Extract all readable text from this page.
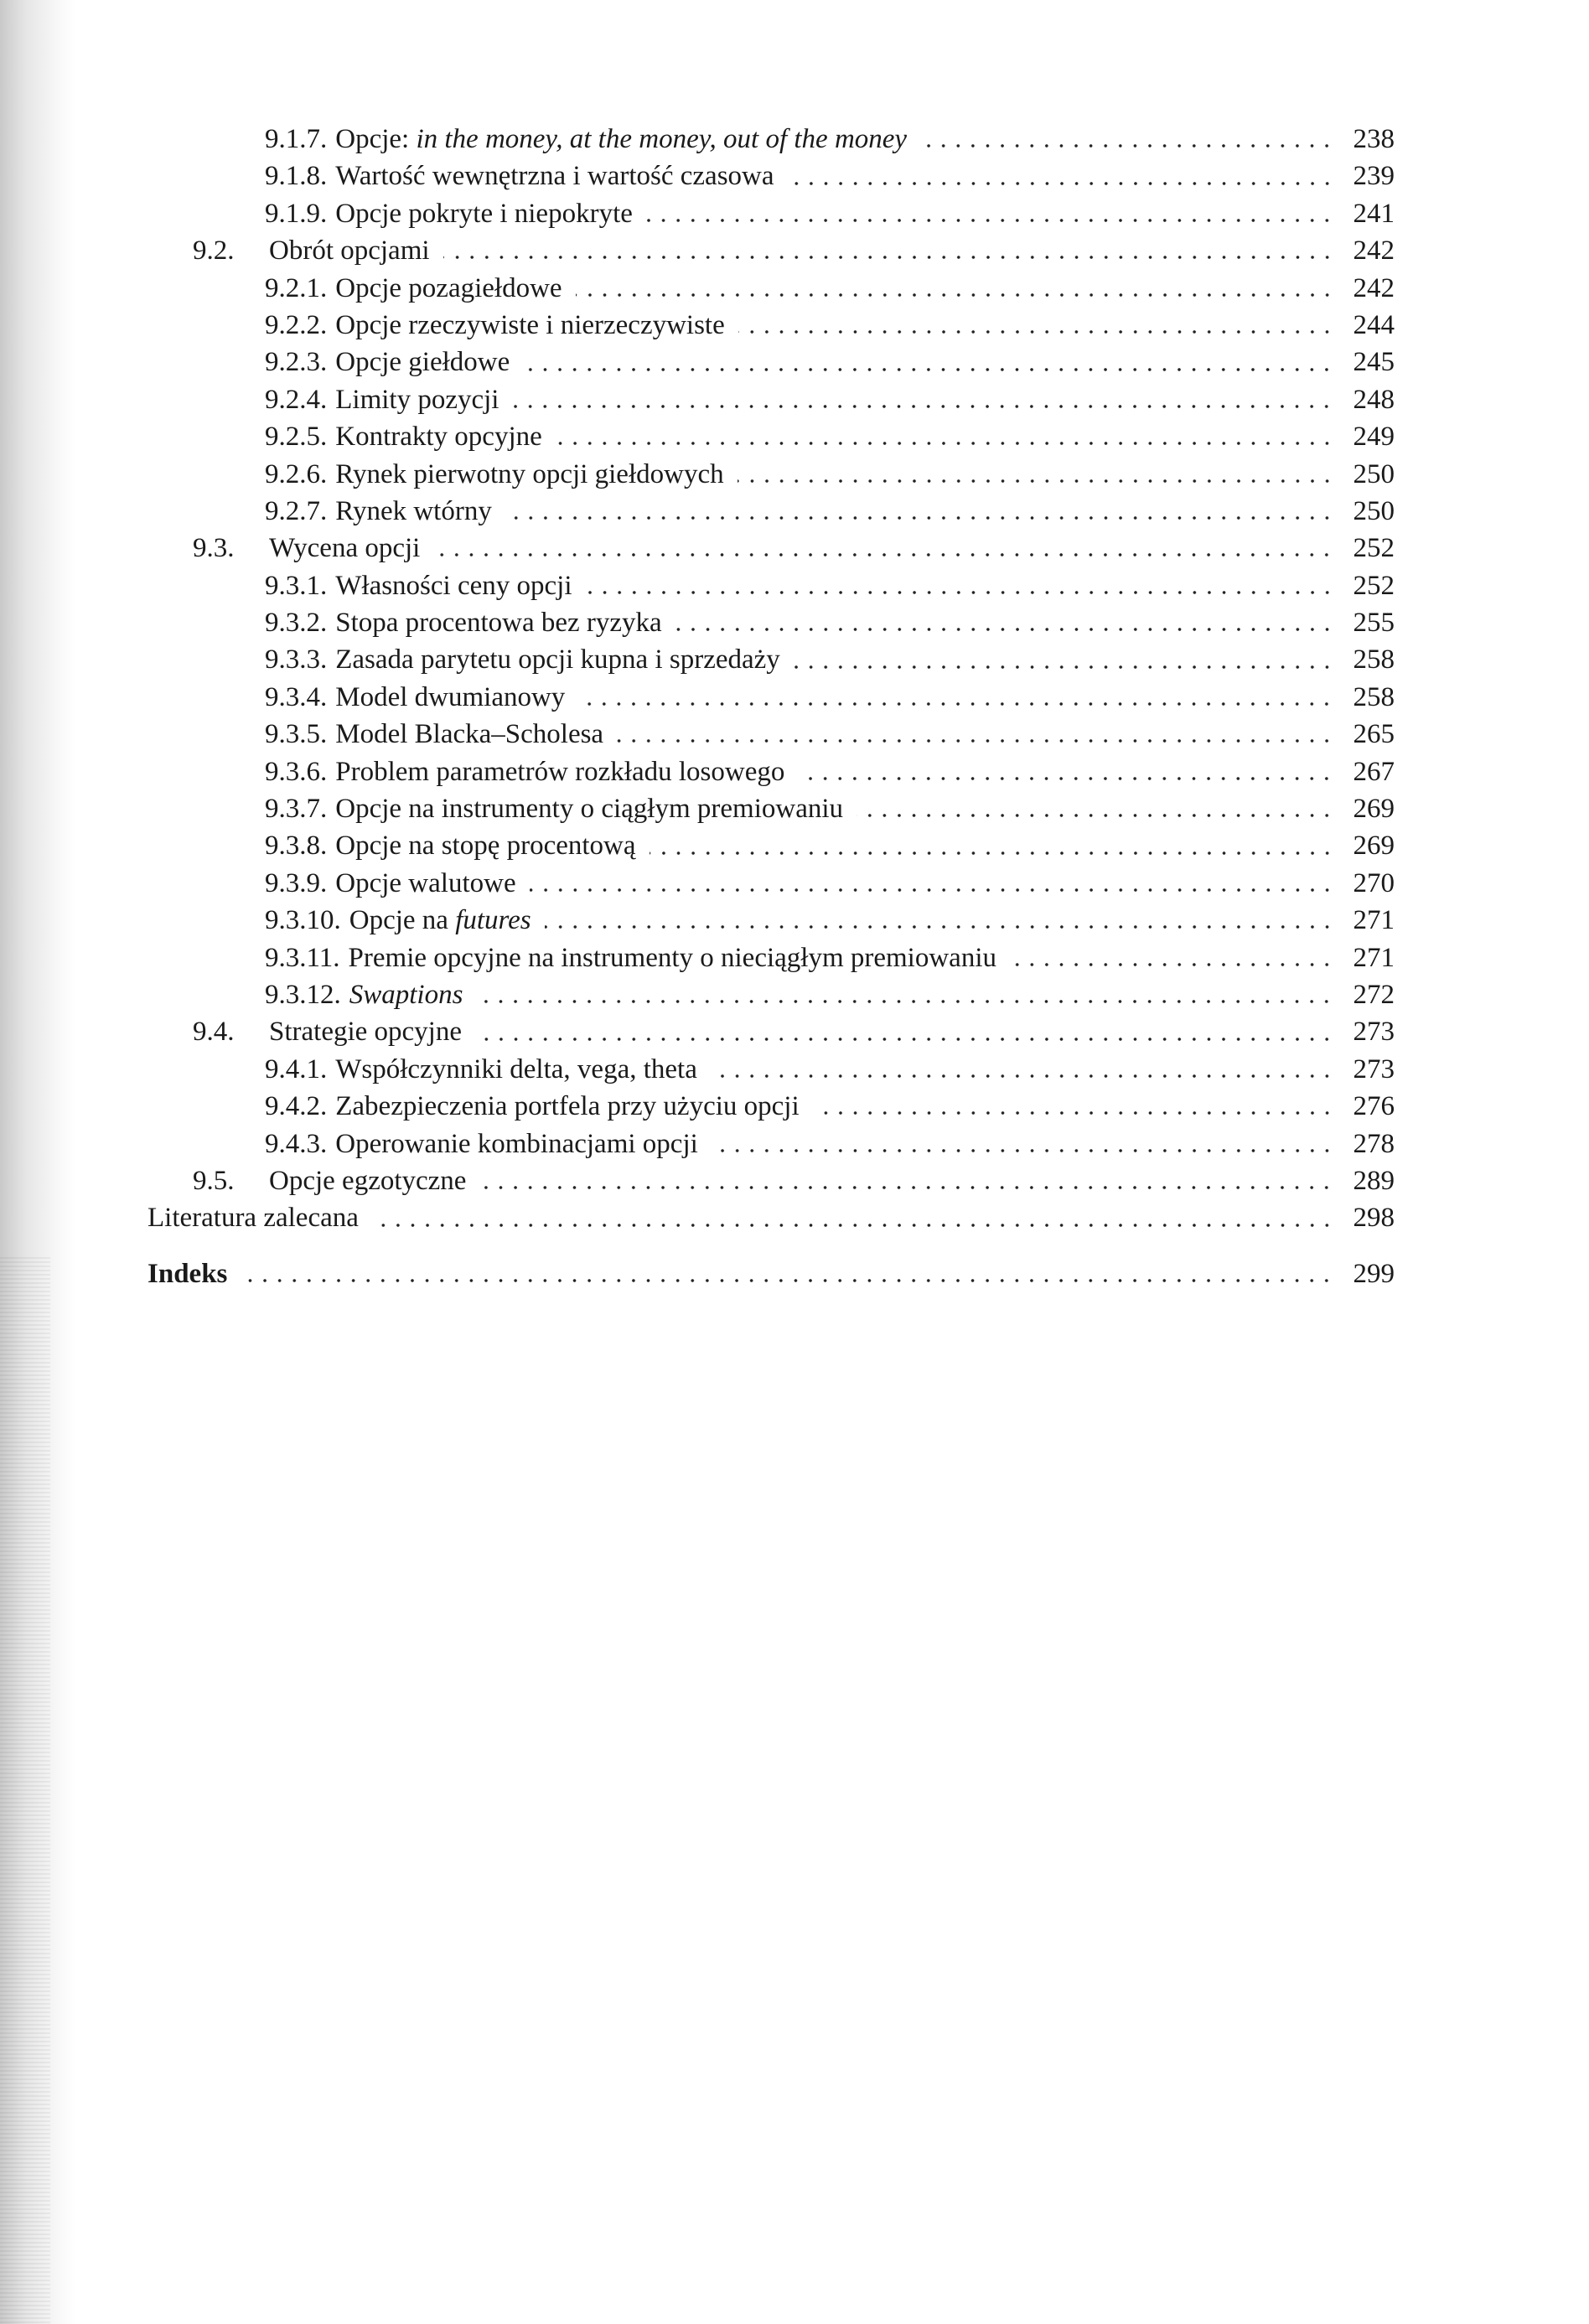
9.1.7. Opcje: in the money, at the money, out of the money	238
9.1.8. Wartość wewnętrzna i wartość czasowa	239
9.1.9. Opcje pokryte i niepokryte	241
9.2. Obrót opcjami	242
9.2.1. Opcje pozagiełdowe	242
9.2.2. Opcje rzeczywiste i nierzeczywiste	244
9.2.3. Opcje giełdowe	245
9.2.4. Limity pozycji	248
9.2.5. Kontrakty opcyjne	249
9.2.6. Rynek pierwotny opcji giełdowych	250
9.2.7. Rynek wtórny	250
9.3. Wycena opcji	252
9.3.1. Własności ceny opcji	252
9.3.2. Stopa procentowa bez ryzyka	255
9.3.3. Zasada parytetu opcji kupna i sprzedaży	258
9.3.4. Model dwumianowy	258
9.3.5. Model Blacka–Scholesa	265
9.3.6. Problem parametrów rozkładu losowego	267
9.3.7. Opcje na instrumenty o ciągłym premiowaniu	269
9.3.8. Opcje na stopę procentową	269
9.3.9. Opcje walutowe	270
9.3.10. Opcje na futures	271
9.3.11. Premie opcyjne na instrumenty o nieciągłym premiowaniu	271
9.3.12. Swaptions	272
9.4. Strategie opcyjne	273
9.4.1. Współczynniki delta, vega, theta	273
9.4.2. Zabezpieczenia portfela przy użyciu opcji	276
9.4.3. Operowanie kombinacjami opcji	278
9.5. Opcje egzotyczne	289
Literatura zalecana	298
Indeks	299
